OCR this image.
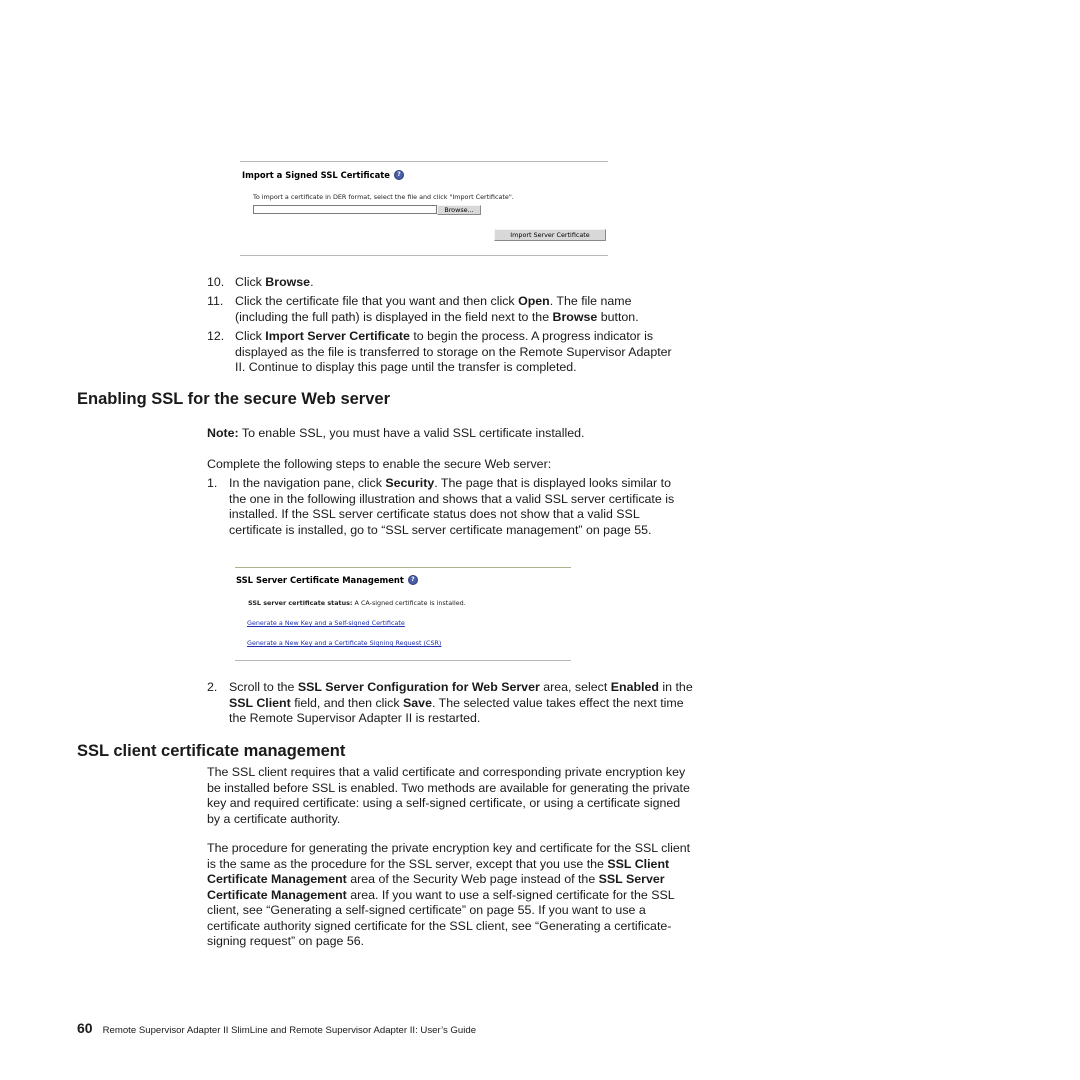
Import a Signed SSL Certificate ?
To import a certificate in DER format, select the file and click "Import Certificate".
Browse...
Import Server Certificate
10. Click Browse.
11. Click the certificate file that you want and then click Open. The file name (including the full path) is displayed in the field next to the Browse button.
12. Click Import Server Certificate to begin the process. A progress indicator is displayed as the file is transferred to storage on the Remote Supervisor Adapter II. Continue to display this page until the transfer is completed.
Enabling SSL for the secure Web server
Note: To enable SSL, you must have a valid SSL certificate installed.
Complete the following steps to enable the secure Web server:
1. In the navigation pane, click Security. The page that is displayed looks similar to the one in the following illustration and shows that a valid SSL server certificate is installed. If the SSL server certificate status does not show that a valid SSL certificate is installed, go to “SSL server certificate management” on page 55.
SSL Server Certificate Management ?
SSL server certificate status: A CA-signed certificate is installed.
Generate a New Key and a Self-signed Certificate
Generate a New Key and a Certificate Signing Request (CSR)
2. Scroll to the SSL Server Configuration for Web Server area, select Enabled in the SSL Client field, and then click Save. The selected value takes effect the next time the Remote Supervisor Adapter II is restarted.
SSL client certificate management
The SSL client requires that a valid certificate and corresponding private encryption key be installed before SSL is enabled. Two methods are available for generating the private key and required certificate: using a self-signed certificate, or using a certificate signed by a certificate authority.
The procedure for generating the private encryption key and certificate for the SSL client is the same as the procedure for the SSL server, except that you use the SSL Client Certificate Management area of the Security Web page instead of the SSL Server Certificate Management area. If you want to use a self-signed certificate for the SSL client, see “Generating a self-signed certificate” on page 55. If you want to use a certificate authority signed certificate for the SSL client, see “Generating a certificate-signing request” on page 56.
60 Remote Supervisor Adapter II SlimLine and Remote Supervisor Adapter II: User’s Guide
